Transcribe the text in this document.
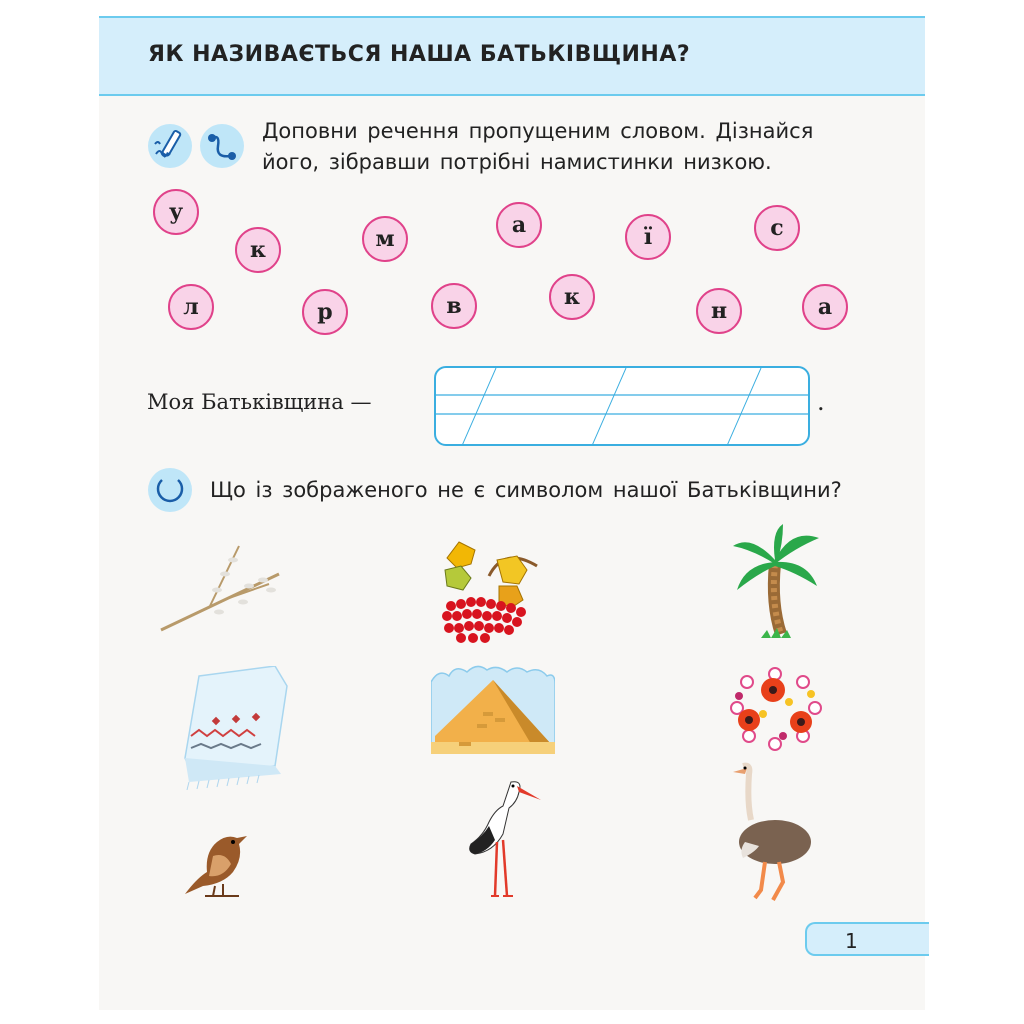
ЯК НАЗИВАЄТЬСЯ НАША БАТЬКІВЩИНА?
Доповни речення пропущеним словом. Дізнайся
його, зібравши потрібні намистинки низкою.
у
к	м
а	ї	с
л	р	в	к
н	а
Моя Батьківщина —	.
Що із зображеного не є символом нашої Батьківщини?
1
